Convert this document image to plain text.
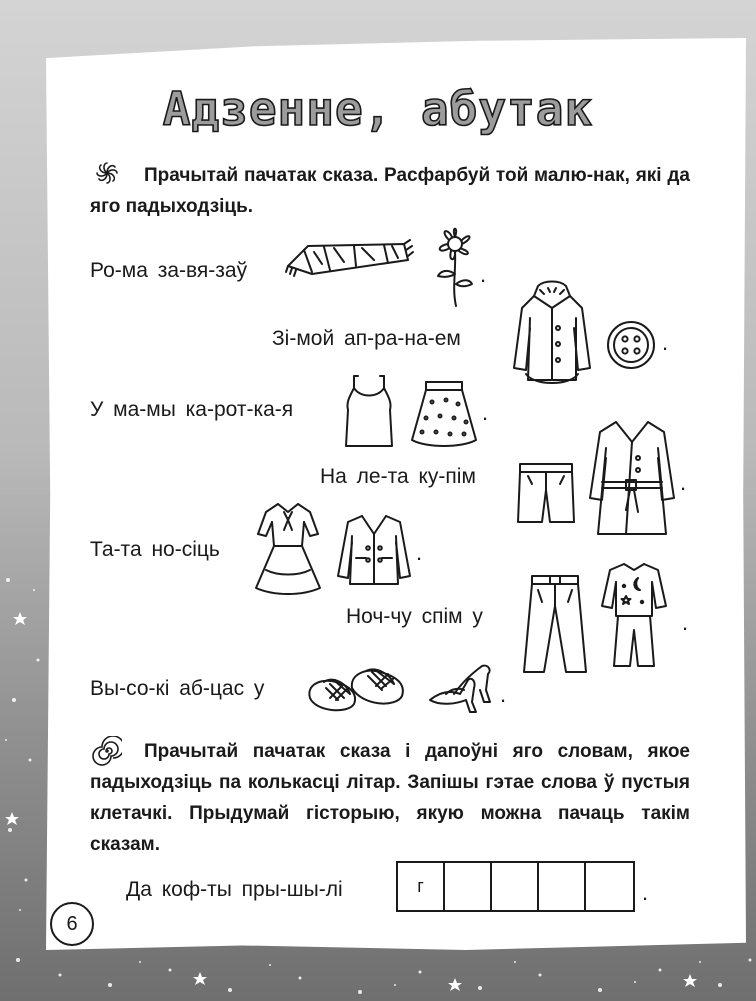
Адзенне, абутак
Прачытай пачатак сказа. Расфарбуй той малю-нак, які да яго падыходзіць.
Ро-ма за-вя-заў	.
Зі-мой ап-ра-на-ем	.
У ма-мы ка-рот-ка-я	.
На ле-та ку-пім	.
Та-та но-сіць	.
Ноч-чу спім у	.
Вы-со-кі аб-цас у	.
Прачытай пачатак сказа і дапоўні яго словам, якое падыходзіць па колькасці літар. Запішы гэтае слова ў пустыя клетачкі. Прыдумай гісторыю, якую можна пачаць такім сказам.
Да коф-ты пры-шы-лі	г	.
6
